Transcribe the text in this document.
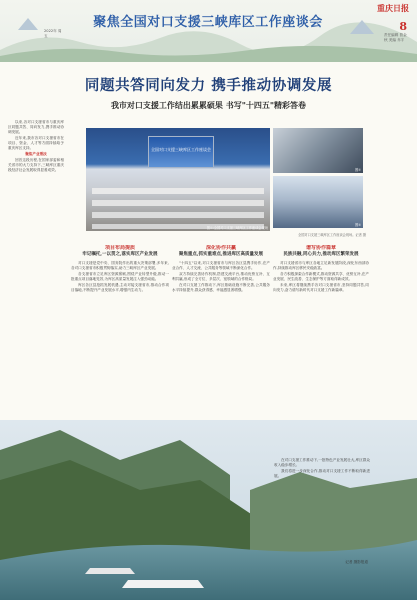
聚焦全国对口支援三峡库区工作座谈会
重庆日报
8
责任编辑 曾金秋 美编 乔宇
2022年 周五
同题共答同向发力 携手推动协调发展
我市对口支援工作结出累累硕果 书写"十四五"精彩答卷

以来,各对口支援省市与重庆库区同题共答、同向发力,携手推动协调发展。

近年来,我市各对口支援省市在项目、资金、人才等方面持续给予重庆库区支持。

聚焦产业帮扶

回首这段历程,在国家部委和相关省市的大力支持下,三峡库区重庆段经济社会发展取得显著成效。

全国对口支援三峡库区工作座谈会
图①:全国对口支援三峡库区工作座谈会现场
图②
图③
全国对口支援三峡库区工作座谈会现场。记者 摄
项目布局提质
牢记嘱托,一以贯之,落实库区产业发展

对口支援是党中央、国务院作出的重大决策部署,多年来,各对口支援省市积极贯彻落实,助力三峡库区产业发展。

各支援省市立足库区资源禀赋,围绕产业转型升级,推动一批重点项目落地见效,为库区高质量发展注入强劲动能。

库区各区县抢抓发展机遇,主动对接支援省市,推动合作项目落地,不断提升产业发展水平,增强内生动力。

深化协作共赢
聚焦重点,抓实重难点,推进库区高质量发展

"十四五"以来,对口支援省市与库区各区县携手协作,在产业合作、人才交流、公共服务等领域不断深化合作。

双方持续完善协作机制,搭建交流平台,推动优势互补、互利共赢,形成了全方位、多层次、宽领域的合作格局。

在对口支援工作推动下,库区基础设施不断完善,公共服务水平持续提升,群众获得感、幸福感显著增强。

谱写协作篇章
民族共融,同心共力,推动库区繁荣发展

对口支援省市与库区各地立足新发展阶段,深化东西部协作,持续推动库区移民安稳致富。

各方积极探索合作新模式,推动资源共享、优势互补,在产业发展、民生改善、生态保护等方面取得新成效。

未来,库区将继续携手各对口支援省市,坚持同题共答,同向发力,奋力谱写新时代对口支援工作新篇章。

在对口支援工作推动下,一批特色产业发展壮大,库区群众收入稳步增长。

我们将进一步深化合作,推动对口支援工作不断取得新进展。

记者 摄影报道
